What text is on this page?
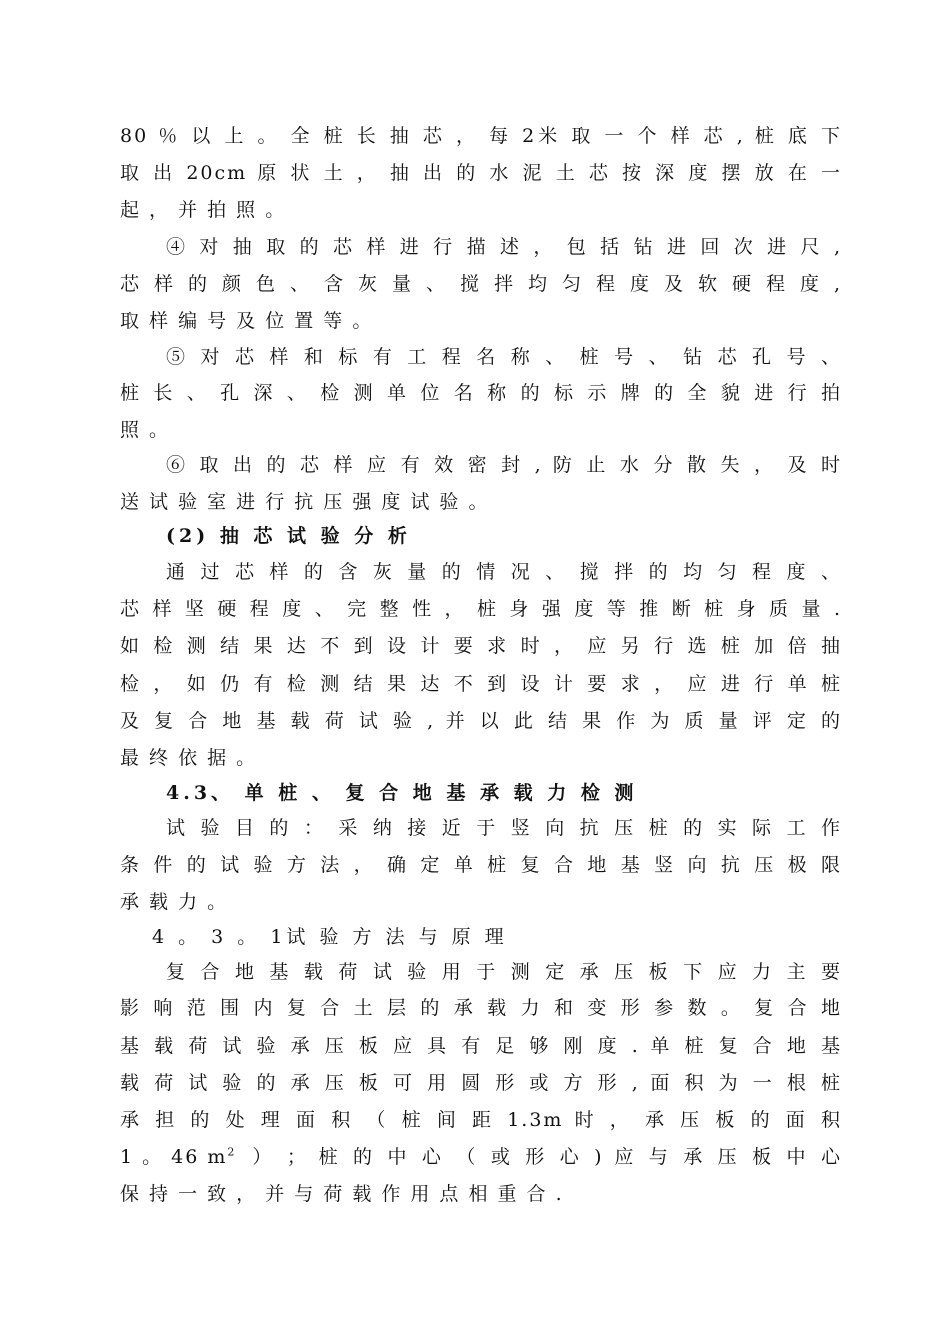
80 ％ 以 上 。 全 桩 长 抽 芯 ， 每 2米 取 一 个 样 芯 , 桩 底 下
取 出 20cm 原 状 土 ， 抽 出 的 水 泥 土 芯 按 深 度 摆 放 在 一
起 ， 并 拍 照 。
④ 对 抽 取 的 芯 样 进 行 描 述 ， 包 括 钻 进 回 次 进 尺 ,
芯 样 的 颜 色 、 含 灰 量 、 搅 拌 均 匀 程 度 及 软 硬 程 度 ,
取 样 编 号 及 位 置 等 。
⑤ 对 芯 样 和 标 有 工 程 名 称 、 桩 号 、 钻 芯 孔 号 、
桩 长 、 孔 深 、 检 测 单 位 名 称 的 标 示 牌 的 全 貌 进 行 拍
照 。
⑥ 取 出 的 芯 样 应 有 效 密 封 , 防 止 水 分 散 失 ， 及 时
送 试 验 室 进 行 抗 压 强 度 试 验 。
(2) 抽 芯 试 验 分 析
通 过 芯 样 的 含 灰 量 的 情 况 、 搅 拌 的 均 匀 程 度 、
芯 样 坚 硬 程 度 、 完 整 性 ， 桩 身 强 度 等 推 断 桩 身 质 量 .
如 检 测 结 果 达 不 到 设 计 要 求 时 ， 应 另 行 选 桩 加 倍 抽
检 ， 如 仍 有 检 测 结 果 达 不 到 设 计 要 求 ， 应 进 行 单 桩
及 复 合 地 基 载 荷 试 验 , 并 以 此 结 果 作 为 质 量 评 定 的
最 终 依 据 。
4.3、 单 桩 、 复 合 地 基 承 载 力 检 测
试 验 目 的 ： 采 纳 接 近 于 竖 向 抗 压 桩 的 实 际 工 作
条 件 的 试 验 方 法 ， 确 定 单 桩 复 合 地 基 竖 向 抗 压 极 限
承 载 力 。
4 。 3 。 1试 验 方 法 与 原 理
复 合 地 基 载 荷 试 验 用 于 测 定 承 压 板 下 应 力 主 要
影 响 范 围 内 复 合 土 层 的 承 载 力 和 变 形 参 数 。 复 合 地
基 载 荷 试 验 承 压 板 应 具 有 足 够 刚 度 . 单 桩 复 合 地 基
载 荷 试 验 的 承 压 板 可 用 圆 形 或 方 形 , 面 积 为 一 根 桩
承 担 的 处 理 面 积 （ 桩 间 距 1.3m 时 ， 承 压 板 的 面 积
1 。 46 $m^2$ ） ； 桩 的 中 心 （ 或 形 心 ) 应 与 承 压 板 中 心
保 持 一 致 ， 并 与 荷 载 作 用 点 相 重 合 .
